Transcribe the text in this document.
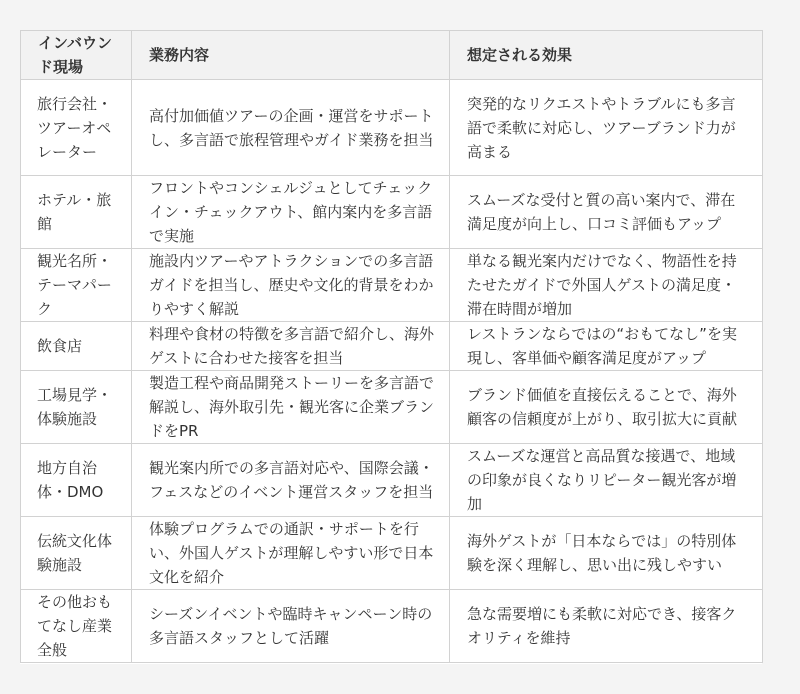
インバウンド現場	業務内容	想定される効果
旅行会社・ツアーオペレーター	高付加価値ツアーの企画・運営をサポートし、多言語で旅程管理やガイド業務を担当	突発的なリクエストやトラブルにも多言語で柔軟に対応し、ツアーブランド力が高まる
ホテル・旅館	フロントやコンシェルジュとしてチェックイン・チェックアウト、館内案内を多言語で実施	スムーズな受付と質の高い案内で、滞在満足度が向上し、口コミ評価もアップ
観光名所・テーマパーク	施設内ツアーやアトラクションでの多言語ガイドを担当し、歴史や文化的背景をわかりやすく解説	単なる観光案内だけでなく、物語性を持たせたガイドで外国人ゲストの満足度・滞在時間が増加
飲食店	料理や食材の特徴を多言語で紹介し、海外ゲストに合わせた接客を担当	レストランならではの“おもてなし”を実現し、客単価や顧客満足度がアップ
工場見学・体験施設	製造工程や商品開発ストーリーを多言語で解説し、海外取引先・観光客に企業ブランドをPR	ブランド価値を直接伝えることで、海外顧客の信頼度が上がり、取引拡大に貢献
地方自治体・DMO	観光案内所での多言語対応や、国際会議・フェスなどのイベント運営スタッフを担当	スムーズな運営と高品質な接遇で、地域の印象が良くなりリピーター観光客が増加
伝統文化体験施設	体験プログラムでの通訳・サポートを行い、外国人ゲストが理解しやすい形で日本文化を紹介	海外ゲストが「日本ならでは」の特別体験を深く理解し、思い出に残しやすい
その他おもてなし産業全般	シーズンイベントや臨時キャンペーン時の多言語スタッフとして活躍	急な需要増にも柔軟に対応でき、接客クオリティを維持
